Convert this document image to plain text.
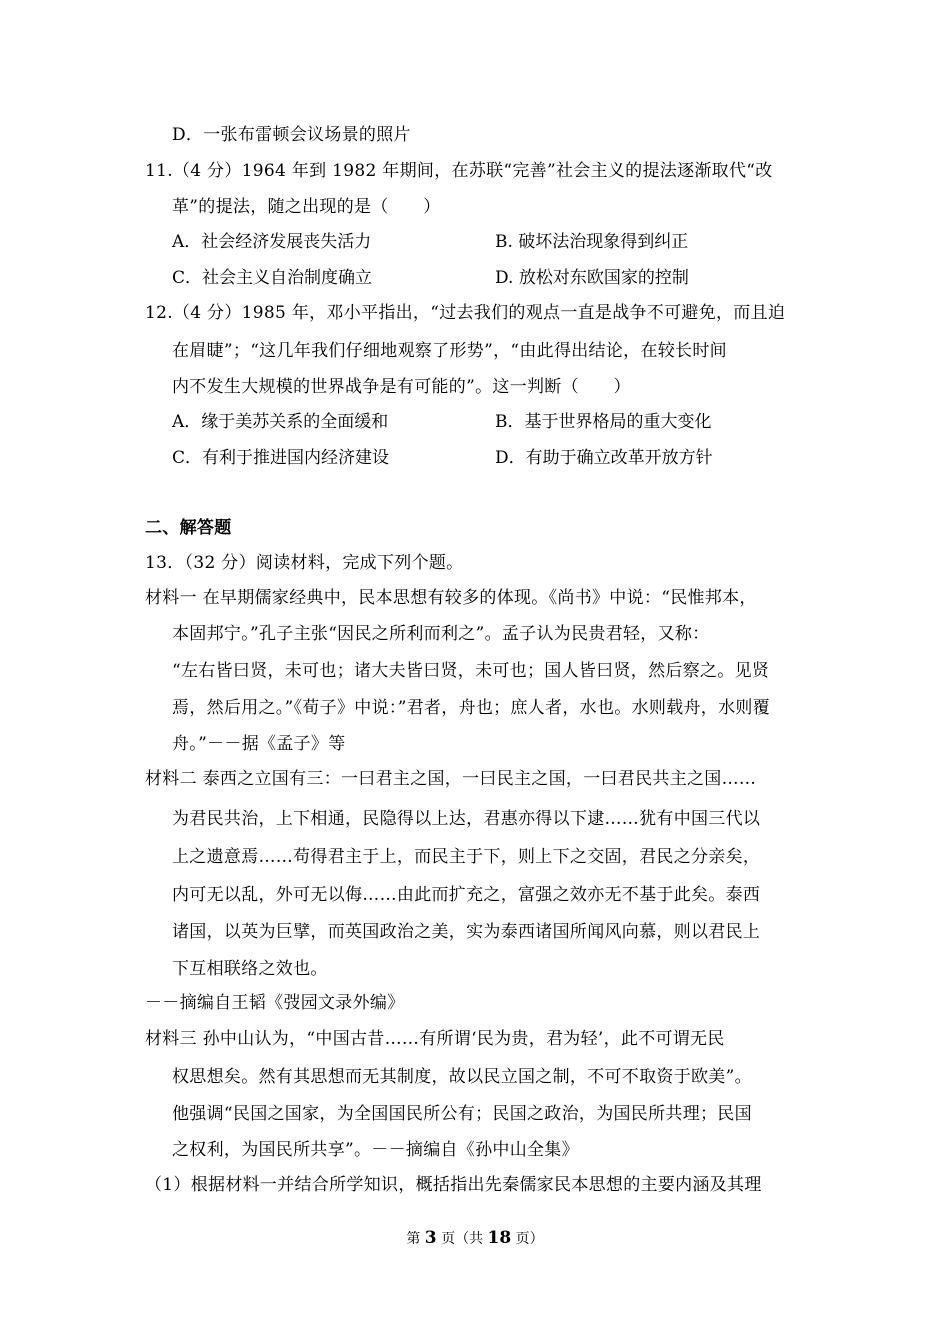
D．一张布雷顿会议场景的照片
11.（4 分）1964 年到 1982 年期间，在苏联“完善”社会主义的提法逐渐取代“改
革”的提法，随之出现的是（　　）
A．社会经济发展丧失活力	B. 破坏法治现象得到纠正
C．社会主义自治制度确立	D. 放松对东欧国家的控制
12.（4 分）1985 年，邓小平指出，“过去我们的观点一直是战争不可避免，而且迫
在眉睫”；“这几年我们仔细地观察了形势”，“由此得出结论，在较长时间
内不发生大规模的世界战争是有可能的”。这一判断（　　）
A．缘于美苏关系的全面缓和	B．基于世界格局的重大变化
C．有利于推进国内经济建设	D．有助于确立改革开放方针
二、解答题
13．（32 分）阅读材料，完成下列个题。
材料一 在早期儒家经典中，民本思想有较多的体现。《尚书》中说：“民惟邦本，
本固邦宁。”孔子主张“因民之所利而利之”。孟子认为民贵君轻，又称：
“左右皆曰贤，未可也；诸大夫皆曰贤，未可也；国人皆曰贤，然后察之。见贤
焉，然后用之。”《荀子》中说：”君者，舟也；庶人者，水也。水则载舟，水则覆
舟。”－－据《孟子》等
材料二 泰西之立国有三：一曰君主之国，一曰民主之国，一曰君民共主之国……
为君民共治，上下相通，民隐得以上达，君惠亦得以下逮……犹有中国三代以
上之遗意焉……苟得君主于上，而民主于下，则上下之交固，君民之分亲矣，
内可无以乱，外可无以侮……由此而扩充之，富强之效亦无不基于此矣。泰西
诸国，以英为巨擘，而英国政治之美，实为泰西诸国所闻风向慕，则以君民上
下互相联络之效也。
－－摘编自王韬《弢园文录外编》
材料三 孙中山认为，“中国古昔……有所谓‘民为贵，君为轻’，此不可谓无民
权思想矣。然有其思想而无其制度，故以民立国之制，不可不取资于欧美”。
他强调“民国之国家，为全国国民所公有；民国之政治，为国民所共理；民国
之权利，为国民所共享”。－－摘编自《孙中山全集》
（1）根据材料一并结合所学知识，概括指出先秦儒家民本思想的主要内涵及其理
第 3 页（共 18 页）
